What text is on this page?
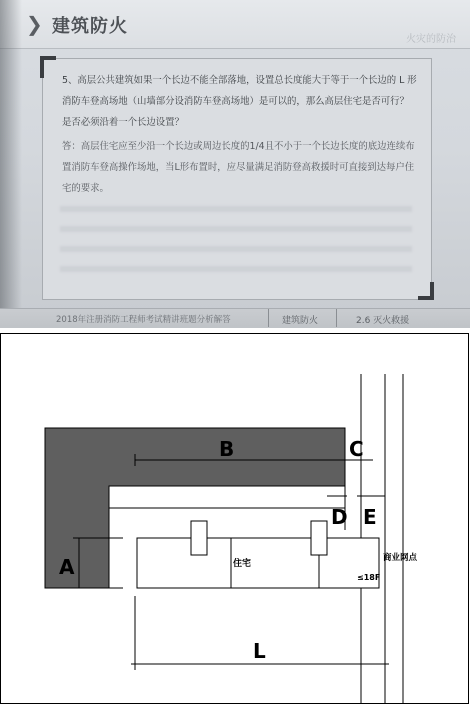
❯ 建筑防火
火灾的防治
5、高层公共建筑如果一个长边不能全部落地，设置总长度能大于等于一个长边的 L 形消防车登高场地（山墙部分设消防车登高场地）是可以的，那么高层住宅是否可行？是否必须沿着一个长边设置？
答：高层住宅应至少沿一个长边或周边长度的1/4且不小于一个长边长度的底边连续布置消防车登高操作场地，当L形布置时，应尽量满足消防登高救援时可直接到达每户住宅的要求。
2018年注册消防工程师考试精讲班题分析解答	建筑防火	2.6 灭火救援
B	C
D E
A
L
住宅
商业网点
≤18F
